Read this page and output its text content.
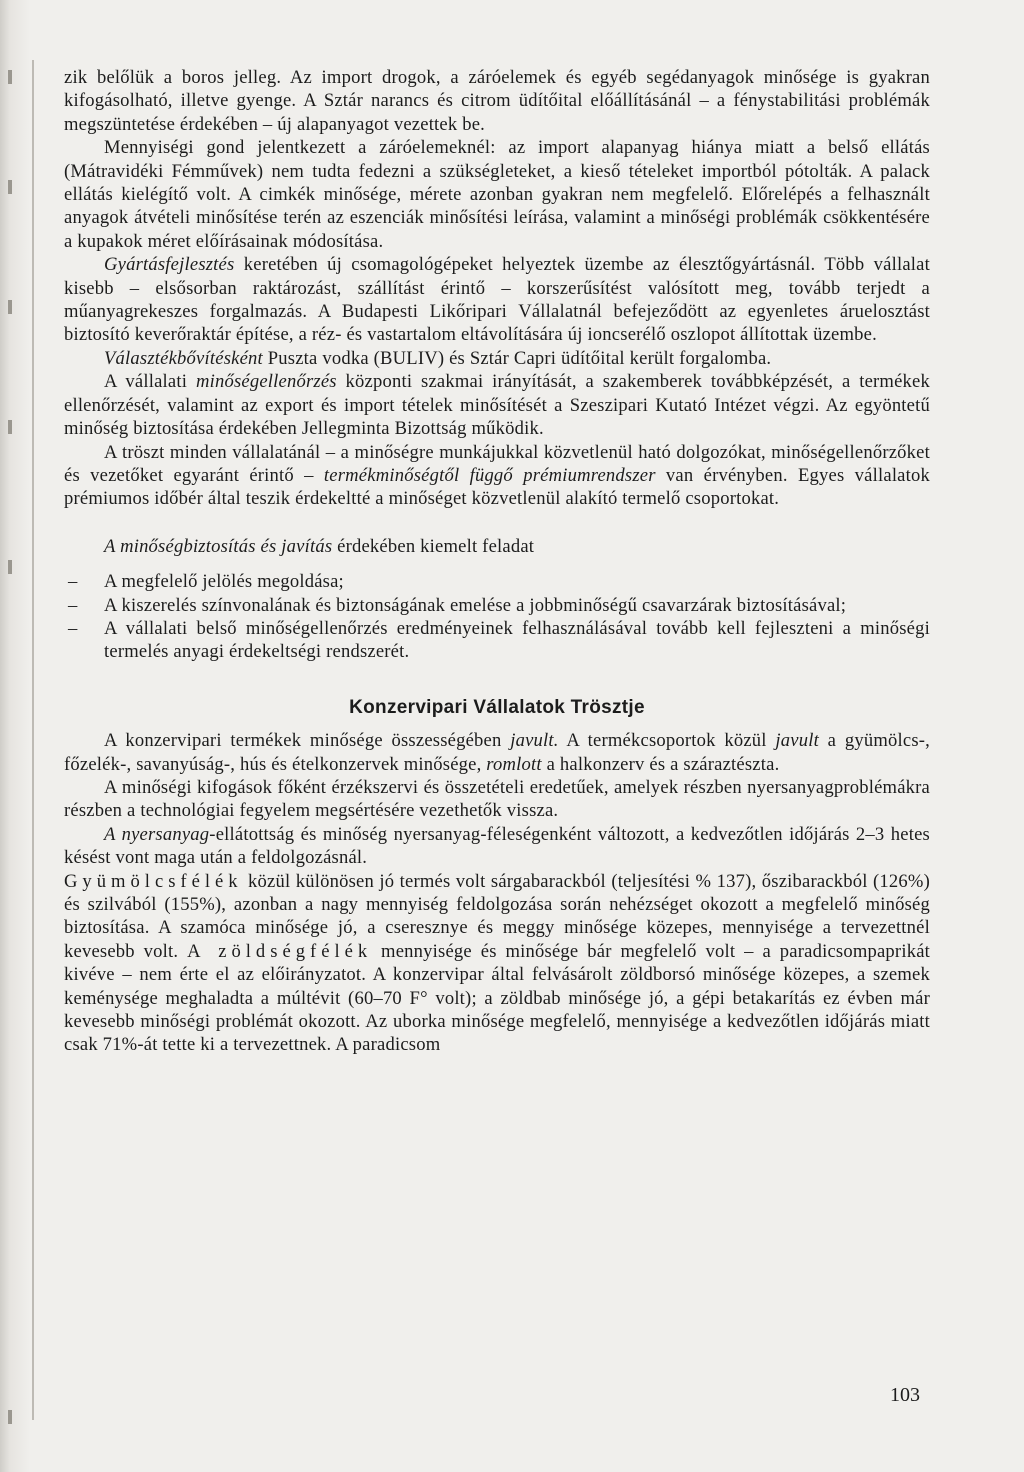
zik belőlük a boros jelleg. Az import drogok, a záróelemek és egyéb segédanyagok minősége is gyakran kifogásolható, illetve gyenge. A Sztár narancs és citrom üdítőital előállításánál – a fénystabilitási problémák megszüntetése érdekében – új alapanyagot vezettek be.

Mennyiségi gond jelentkezett a záróelemeknél: az import alapanyag hiánya miatt a belső ellátás (Mátravidéki Fémművek) nem tudta fedezni a szükségleteket, a kieső tételeket importból pótolták. A palack ellátás kielégítő volt. A cimkék minősége, mérete azonban gyakran nem megfelelő. Előrelépés a felhasznált anyagok átvételi minősítése terén az eszenciák minősítési leírása, valamint a minőségi problémák csökkentésére a kupakok méret előírásainak módosítása.

Gyártásfejlesztés keretében új csomagológépeket helyeztek üzembe az élesztőgyártásnál. Több vállalat kisebb – elsősorban raktározást, szállítást érintő – korszerűsítést valósított meg, tovább terjedt a műanyagrekeszes forgalmazás. A Budapesti Likőripari Vállalatnál befejeződött az egyenletes áruelosztást biztosító keverőraktár építése, a réz- és vastartalom eltávolítására új ioncserélő oszlopot állítottak üzembe.

Választékbővítésként Puszta vodka (BULIV) és Sztár Capri üdítőital került forgalomba.

A vállalati minőségellenőrzés központi szakmai irányítását, a szakemberek továbbképzését, a termékek ellenőrzését, valamint az export és import tételek minősítését a Szeszipari Kutató Intézet végzi. Az egyöntetű minőség biztosítása érdekében Jellegminta Bizottság működik.

A tröszt minden vállalatánál – a minőségre munkájukkal közvetlenül ható dolgozókat, minőségellenőrzőket és vezetőket egyaránt érintő – termékminőségtől függő prémiumrendszer van érvényben. Egyes vállalatok prémiumos időbér által teszik érdekeltté a minőséget közvetlenül alakító termelő csoportokat.

A minőségbiztosítás és javítás érdekében kiemelt feladat

– A megfelelő jelölés megoldása;
– A kiszerelés színvonalának és biztonságának emelése a jobbminőségű csavarzárak biztosításával;
– A vállalati belső minőségellenőrzés eredményeinek felhasználásával tovább kell fejleszteni a minőségi termelés anyagi érdekeltségi rendszerét.
Konzervipari Vállalatok Trösztje

A konzervipari termékek minősége összességében javult. A termékcsoportok közül javult a gyümölcs-, főzelék-, savanyúság-, hús és ételkonzervek minősége, romlott a halkonzerv és a száraztészta.

A minőségi kifogások főként érzékszervi és összetételi eredetűek, amelyek részben nyersanyagproblémákra részben a technológiai fegyelem megsértésére vezethetők vissza.

A nyersanyag-ellátottság és minőség nyersanyag-féleségenként változott, a kedvezőtlen időjárás 2–3 hetes késést vont maga után a feldolgozásnál.

Gyümölcsfélék közül különösen jó termés volt sárgabarackból (teljesítési % 137), őszibarackból (126%) és szilvából (155%), azonban a nagy mennyiség feldolgozása során nehézséget okozott a megfelelő minőség biztosítása. A szamóca minősége jó, a cseresznye és meggy minősége közepes, mennyisége a tervezettnél kevesebb volt. A zöldségfélék mennyisége és minősége bár megfelelő volt – a paradicsompaprikát kivéve – nem érte el az előirányzatot. A konzervipar által felvásárolt zöldborsó minősége közepes, a szemek keménysége meghaladta a múltévit (60–70 F° volt); a zöldbab minősége jó, a gépi betakarítás ez évben már kevesebb minőségi problémát okozott. Az uborka minősége megfelelő, mennyisége a kedvezőtlen időjárás miatt csak 71%-át tette ki a tervezettnek. A paradicsom

103
